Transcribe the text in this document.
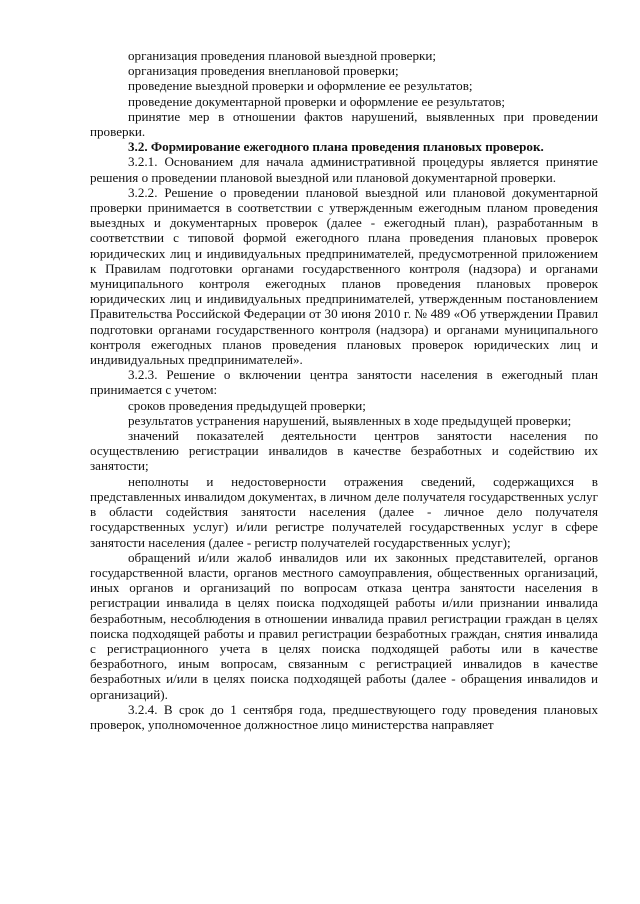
организация проведения плановой выездной проверки;

организация проведения внеплановой проверки;

проведение выездной проверки и оформление ее результатов;

проведение документарной проверки и оформление ее результатов;

принятие мер в отношении фактов нарушений, выявленных при проведении проверки.

3.2. Формирование ежегодного плана проведения плановых проверок.

3.2.1. Основанием для начала административной процедуры является принятие решения о проведении плановой выездной или плановой документарной проверки.

3.2.2. Решение о проведении плановой выездной или плановой документарной проверки принимается в соответствии с утвержденным ежегодным планом проведения выездных и документарных проверок (далее - ежегодный план), разработанным в соответствии с типовой формой ежегодного плана проведения плановых проверок юридических лиц и индивидуальных предпринимателей, предусмотренной приложением к Правилам подготовки органами государственного контроля (надзора) и органами муниципального контроля ежегодных планов проведения плановых проверок юридических лиц и индивидуальных предпринимателей, утвержденным постановлением Правительства Российской Федерации от 30 июня 2010 г. № 489 «Об утверждении Правил подготовки органами государственного контроля (надзора) и органами муниципального контроля ежегодных планов проведения плановых проверок юридических лиц и индивидуальных предпринимателей».

3.2.3. Решение о включении центра занятости населения в ежегодный план принимается с учетом:

сроков проведения предыдущей проверки;

результатов устранения нарушений, выявленных в ходе предыдущей проверки;

значений показателей деятельности центров занятости населения по осуществлению регистрации инвалидов в качестве безработных и содействию их занятости;

неполноты и недостоверности отражения сведений, содержащихся в представленных инвалидом документах, в личном деле получателя государственных услуг в области содействия занятости населения (далее - личное дело получателя государственных услуг) и/или регистре получателей государственных услуг в сфере занятости населения (далее - регистр получателей государственных услуг);

обращений и/или жалоб инвалидов или их законных представителей, органов государственной власти, органов местного самоуправления, общественных организаций, иных органов и организаций по вопросам отказа центра занятости населения в регистрации инвалида в целях поиска подходящей работы и/или признании инвалида безработным, несоблюдения в отношении инвалида правил регистрации граждан в целях поиска подходящей работы и правил регистрации безработных граждан, снятия инвалида с регистрационного учета в целях поиска подходящей работы или в качестве безработного, иным вопросам, связанным с регистрацией инвалидов в качестве безработных и/или в целях поиска подходящей работы (далее - обращения инвалидов и организаций).

3.2.4. В срок до 1 сентября года, предшествующего году проведения плановых проверок, уполномоченное должностное лицо министерства направляет
